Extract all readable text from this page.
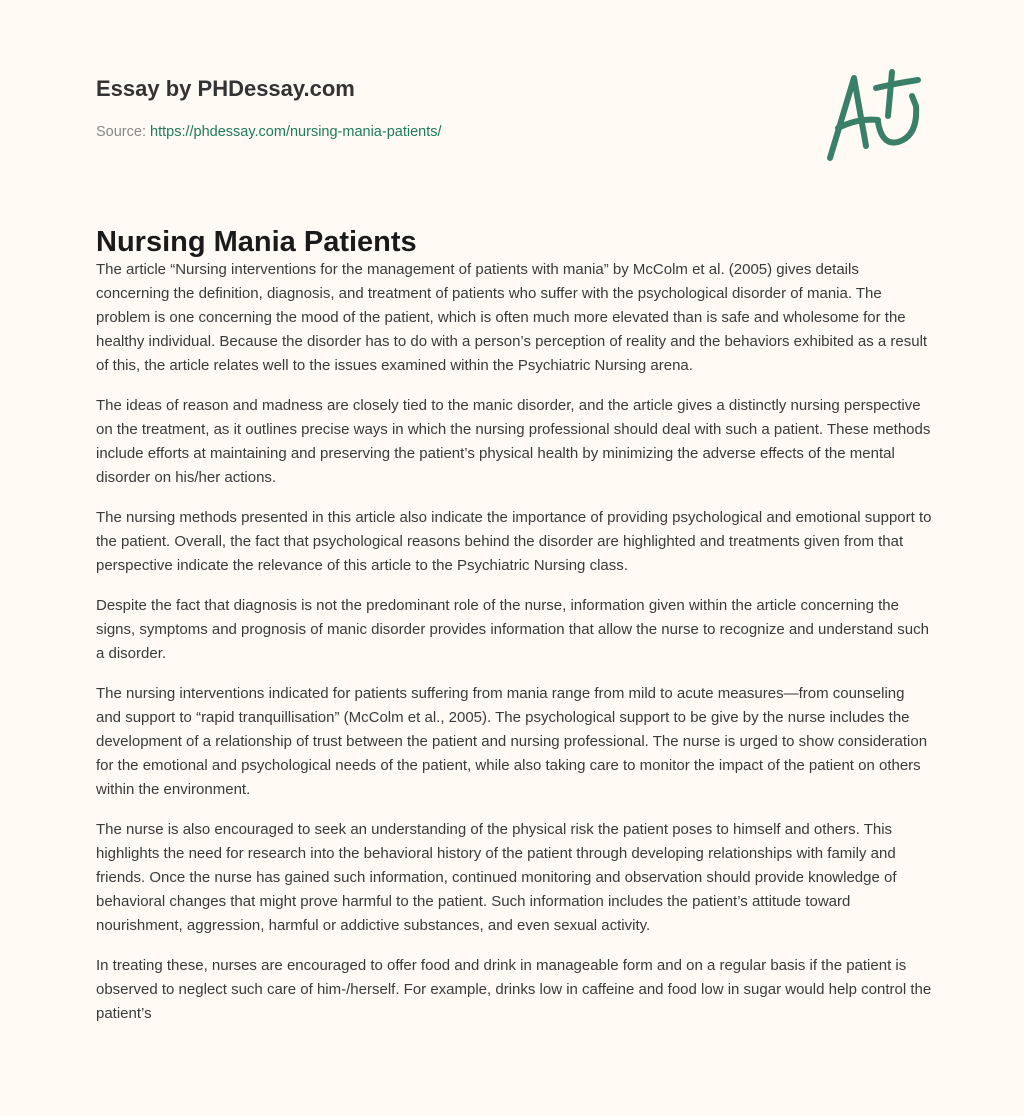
Essay by PHDessay.com
Source: https://phdessay.com/nursing-mania-patients/
Nursing Mania Patients

The article “Nursing interventions for the management of patients with mania” by McColm et al. (2005) gives details concerning the definition, diagnosis, and treatment of patients who suffer with the psychological disorder of mania. The problem is one concerning the mood of the patient, which is often much more elevated than is safe and wholesome for the healthy individual. Because the disorder has to do with a person’s perception of reality and the behaviors exhibited as a result of this, the article relates well to the issues examined within the Psychiatric Nursing arena.

The ideas of reason and madness are closely tied to the manic disorder, and the article gives a distinctly nursing perspective on the treatment, as it outlines precise ways in which the nursing professional should deal with such a patient. These methods include efforts at maintaining and preserving the patient’s physical health by minimizing the adverse effects of the mental disorder on his/her actions.

The nursing methods presented in this article also indicate the importance of providing psychological and emotional support to the patient. Overall, the fact that psychological reasons behind the disorder are highlighted and treatments given from that perspective indicate the relevance of this article to the Psychiatric Nursing class.

Despite the fact that diagnosis is not the predominant role of the nurse, information given within the article concerning the signs, symptoms and prognosis of manic disorder provides information that allow the nurse to recognize and understand such a disorder.

The nursing interventions indicated for patients suffering from mania range from mild to acute measures—from counseling and support to “rapid tranquillisation” (McColm et al., 2005). The psychological support to be give by the nurse includes the development of a relationship of trust between the patient and nursing professional. The nurse is urged to show consideration for the emotional and psychological needs of the patient, while also taking care to monitor the impact of the patient on others within the environment.

The nurse is also encouraged to seek an understanding of the physical risk the patient poses to himself and others. This highlights the need for research into the behavioral history of the patient through developing relationships with family and friends. Once the nurse has gained such information, continued monitoring and observation should provide knowledge of behavioral changes that might prove harmful to the patient. Such information includes the patient’s attitude toward nourishment, aggression, harmful or addictive substances, and even sexual activity.

In treating these, nurses are encouraged to offer food and drink in manageable form and on a regular basis if the patient is observed to neglect such care of him-/herself. For example, drinks low in caffeine and food low in sugar would help control the patient’s
